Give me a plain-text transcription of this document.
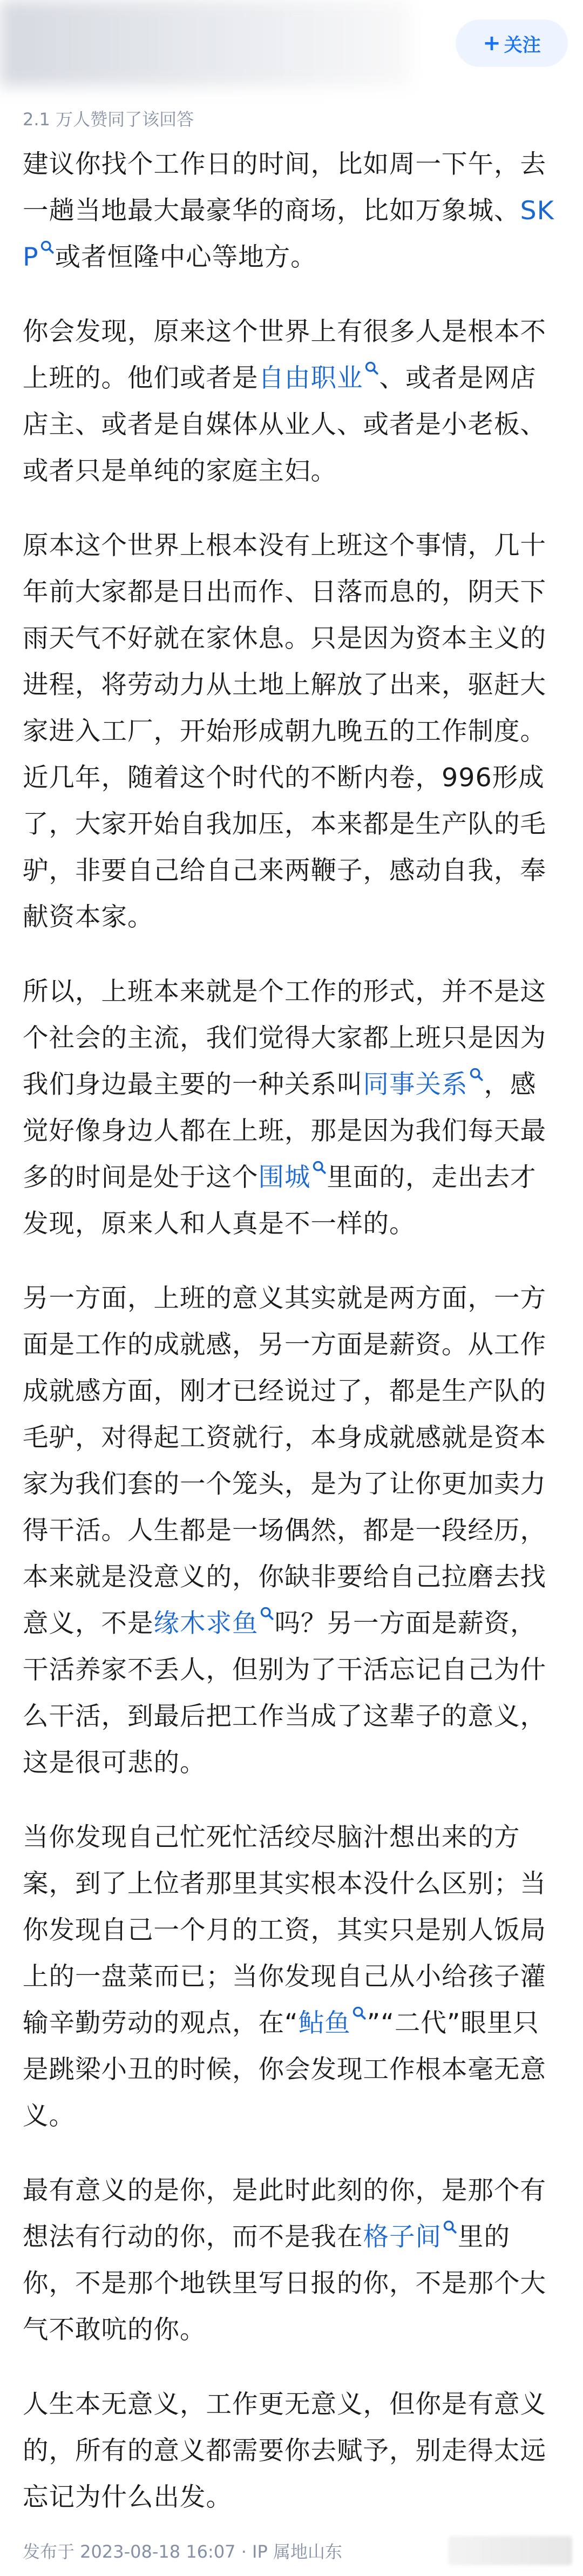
+ 关注
2.1 万人赞同了该回答

建议你找个工作日的时间，比如周一下午，去一趟当地最大最豪华的商场，比如万象城、SKP 或者恒隆中心等地方。

你会发现，原来这个世界上有很多人是根本不上班的。他们或者是自由职业 、或者是网店店主、或者是自媒体从业人、或者是小老板、或者只是单纯的家庭主妇。

原本这个世界上根本没有上班这个事情，几十年前大家都是日出而作、日落而息的，阴天下雨天气不好就在家休息。只是因为资本主义的进程，将劳动力从土地上解放了出来，驱赶大家进入工厂，开始形成朝九晚五的工作制度。近几年，随着这个时代的不断内卷，996形成了，大家开始自我加压，本来都是生产队的毛驴，非要自己给自己来两鞭子，感动自我，奉献资本家。

所以，上班本来就是个工作的形式，并不是这个社会的主流，我们觉得大家都上班只是因为我们身边最主要的一种关系叫同事关系 ，感觉好像身边人都在上班，那是因为我们每天最多的时间是处于这个围城 里面的，走出去才发现，原来人和人真是不一样的。

另一方面，上班的意义其实就是两方面，一方面是工作的成就感，另一方面是薪资。从工作成就感方面，刚才已经说过了，都是生产队的毛驴，对得起工资就行，本身成就感就是资本家为我们套的一个笼头，是为了让你更加卖力得干活。人生都是一场偶然，都是一段经历，本来就是没意义的，你缺非要给自己拉磨去找意义，不是缘木求鱼 吗？另一方面是薪资，干活养家不丢人，但别为了干活忘记自己为什么干活，到最后把工作当成了这辈子的意义，这是很可悲的。

当你发现自己忙死忙活绞尽脑汁想出来的方案，到了上位者那里其实根本没什么区别；当你发现自己一个月的工资，其实只是别人饭局上的一盘菜而已；当你发现自己从小给孩子灌输辛勤劳动的观点，在“鲇鱼 ”“二代”眼里只是跳梁小丑的时候，你会发现工作根本毫无意义。

最有意义的是你，是此时此刻的你，是那个有想法有行动的你，而不是我在格子间 里的你，不是那个地铁里写日报的你，不是那个大气不敢吭的你。

人生本无意义，工作更无意义，但你是有意义的，所有的意义都需要你去赋予，别走得太远忘记为什么出发。

发布于 2023-08-18 16:07 · IP 属地山东
